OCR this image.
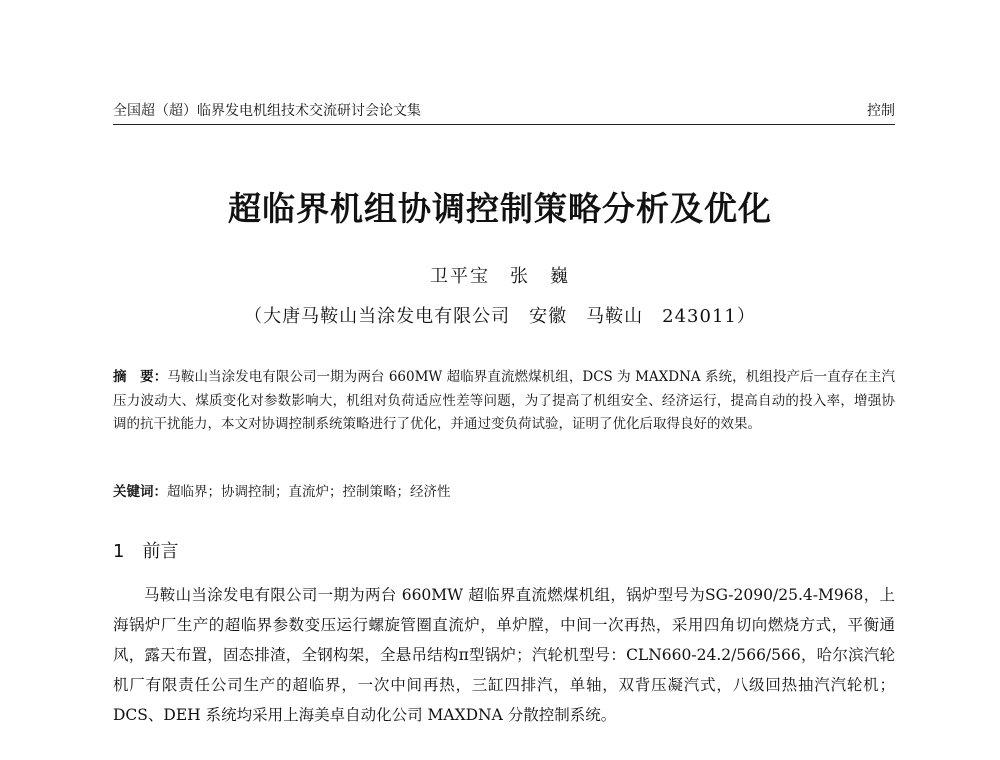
全国超（超）临界发电机组技术交流研讨会论文集	控制
超临界机组协调控制策略分析及优化
卫平宝　张　巍
（大唐马鞍山当涂发电有限公司　安徽　马鞍山　243011）
摘　要：马鞍山当涂发电有限公司一期为两台 660MW 超临界直流燃煤机组，DCS 为 MAXDNA 系统，机组投产后一直存在主汽压力波动大、煤质变化对参数影响大，机组对负荷适应性差等问题，为了提高了机组安全、经济运行，提高自动的投入率，增强协调的抗干扰能力，本文对协调控制系统策略进行了优化，并通过变负荷试验，证明了优化后取得良好的效果。
关键词：超临界；协调控制；直流炉；控制策略；经济性
1 前言
马鞍山当涂发电有限公司一期为两台 660MW 超临界直流燃煤机组，锅炉型号为SG-2090/25.4-M968，上海锅炉厂生产的超临界参数变压运行螺旋管圈直流炉，单炉膛，中间一次再热，采用四角切向燃烧方式，平衡通风，露天布置，固态排渣，全钢构架，全悬吊结构π型锅炉；汽轮机型号：CLN660-24.2/566/566，哈尔滨汽轮机厂有限责任公司生产的超临界，一次中间再热，三缸四排汽，单轴，双背压凝汽式，八级回热抽汽汽轮机；DCS、DEH 系统均采用上海美卓自动化公司 MAXDNA 分散控制系统。
